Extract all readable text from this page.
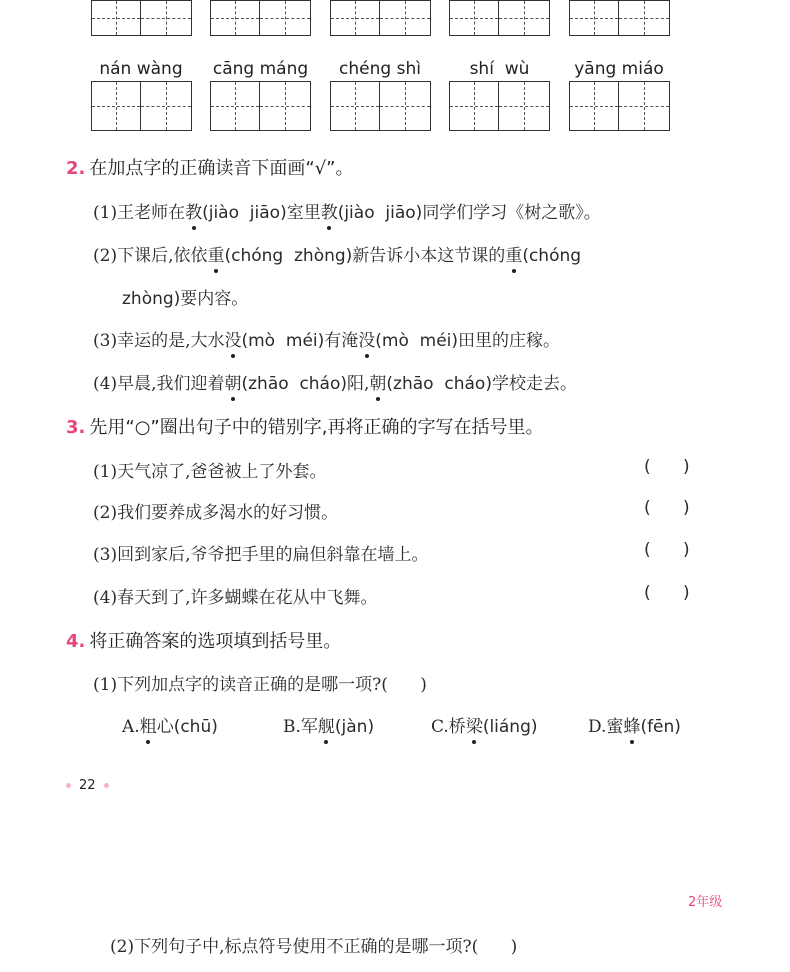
nán wàng cāng máng chéng shì	shí  wù	yāng miáo
2. 在加点字的正确读音下面画“√”。
(1)王老师在教(jiào  jiāo)室里教(jiào  jiāo)同学们学习《树之歌》。
(2)下课后,依依重(chóng  zhòng)新告诉小本这节课的重(chóng
zhòng)要内容。
(3)幸运的是,大水没(mò  méi)有淹没(mò  méi)田里的庄稼。
(4)早晨,我们迎着朝(zhāo  cháo)阳,朝(zhāo  cháo)学校走去。
3. 先用“○”圈出句子中的错别字,再将正确的字写在括号里。
(1)天气凉了,爸爸被上了外套。	(      )
(2)我们要养成多渴水的好习惯。	(      )
(3)回到家后,爷爷把手里的扁但斜靠在墙上。	(      )
(4)春天到了,许多蝴蝶在花从中飞舞。	(      )
4. 将正确答案的选项填到括号里。
(1)下列加点字的读音正确的是哪一项?(      )
A.粗心(chū)	B.军舰(jàn)	C.桥梁(liáng)	D.蜜蜂(fēn)
22
2年级
(2)下列句子中,标点符号使用不正确的是哪一项?(      )
